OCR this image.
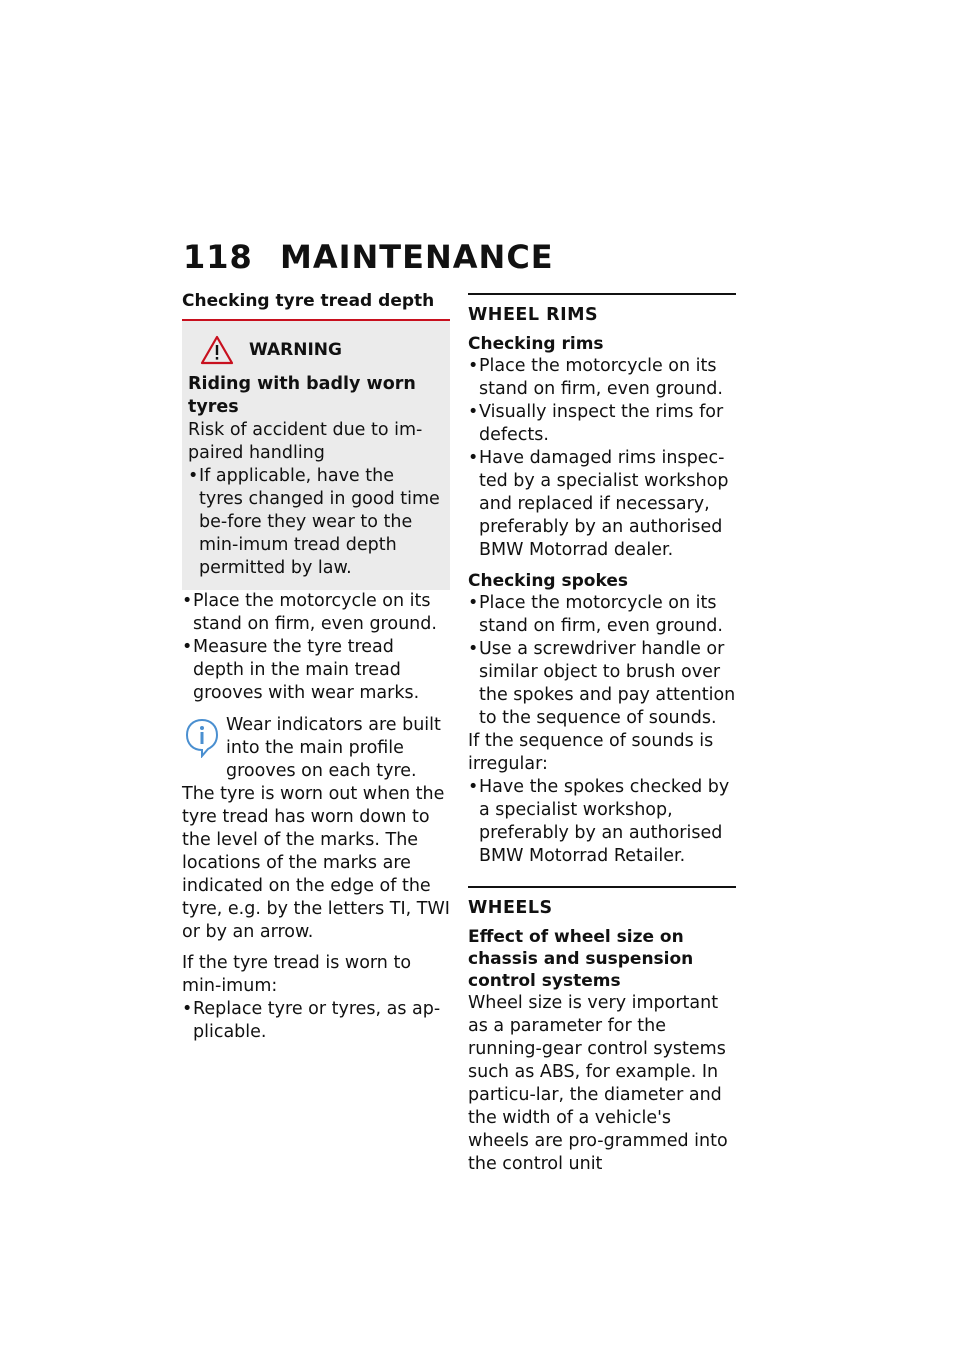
118 MAINTENANCE
Checking tyre tread depth
WARNING
Riding with badly worn tyres
Risk of accident due to im-paired handling
• If applicable, have the tyres changed in good time be-fore they wear to the min-imum tread depth permitted by law.
• Place the motorcycle on its stand on firm, even ground.
• Measure the tyre tread depth in the main tread grooves with wear marks.
Wear indicators are built into the main profile grooves on each tyre. The tyre is worn out when the tyre tread has worn down to the level of the marks. The locations of the marks are indicated on the edge of the tyre, e.g. by the letters TI, TWI or by an arrow.
If the tyre tread is worn to min-imum:
• Replace tyre or tyres, as ap-plicable.
WHEEL RIMS
Checking rims
• Place the motorcycle on its stand on firm, even ground.
• Visually inspect the rims for defects.
• Have damaged rims inspec-ted by a specialist workshop and replaced if necessary, preferably by an authorised BMW Motorrad dealer.
Checking spokes
• Place the motorcycle on its stand on firm, even ground.
• Use a screwdriver handle or similar object to brush over the spokes and pay attention to the sequence of sounds.
If the sequence of sounds is irregular:
• Have the spokes checked by a specialist workshop, preferably by an authorised BMW Motorrad Retailer.
WHEELS
Effect of wheel size on chassis and suspension control systems
Wheel size is very important as a parameter for the running-gear control systems such as ABS, for example. In particu-lar, the diameter and the width of a vehicle's wheels are pro-grammed into the control unit
